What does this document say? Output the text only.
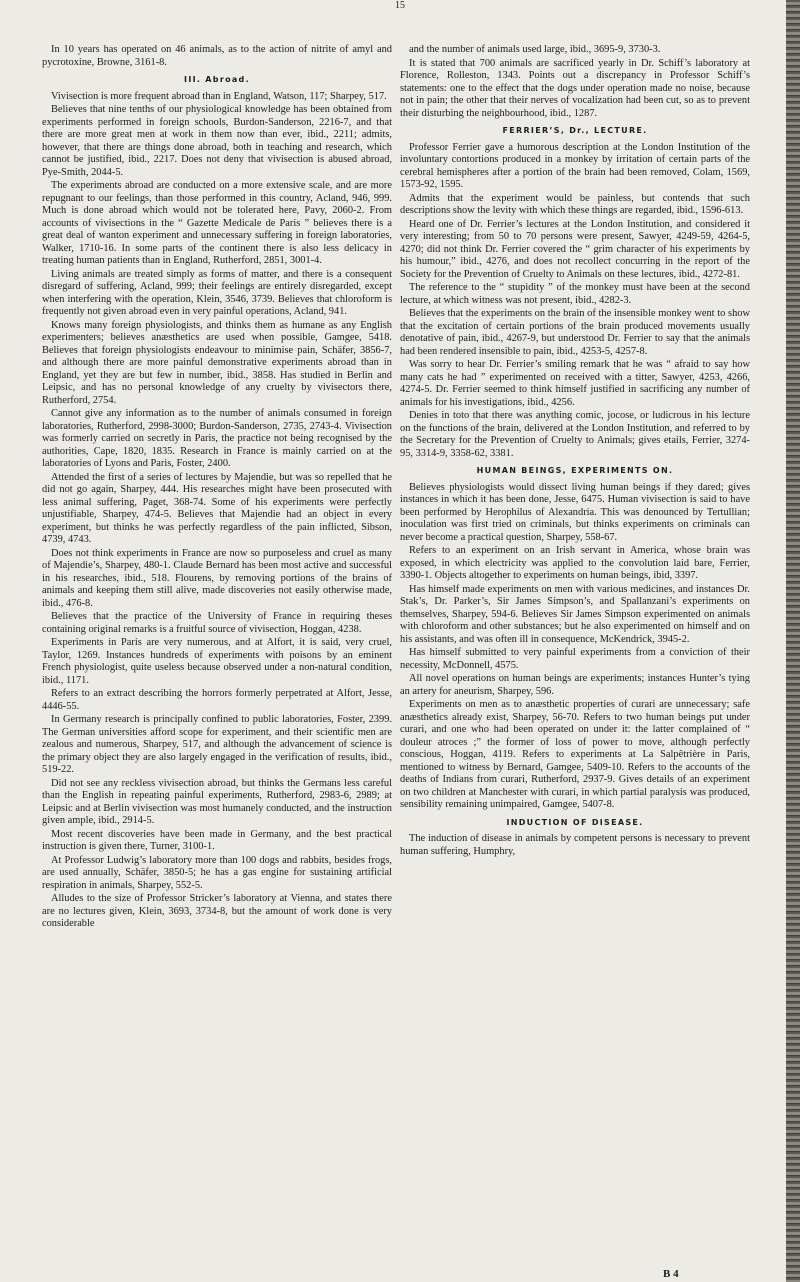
15

In 10 years has operated on 46 animals, as to the action of nitrite of amyl and pycrotoxine, Browne, 3161-8.

III. Abroad.

Vivisection is more frequent abroad than in England, Watson, 117; Sharpey, 517.

Believes that nine tenths of our physiological knowledge has been obtained from experiments performed in foreign schools, Burdon-Sanderson, 2216-7, and that there are more great men at work in them now than ever, ibid., 2211; admits, however, that there are things done abroad, both in teaching and research, which cannot be justified, ibid., 2217. Does not deny that vivisection is abused abroad, Pye-Smith, 2044-5.

The experiments abroad are conducted on a more extensive scale, and are more repugnant to our feelings, than those performed in this country, Acland, 946, 999. Much is done abroad which would not be tolerated here, Pavy, 2060-2. From accounts of vivisections in the “ Gazette Medicale de Paris ” believes there is a great deal of wanton experiment and unnecessary suffering in foreign laboratories, Walker, 1710-16. In some parts of the continent there is also less delicacy in treating human patients than in England, Rutherford, 2851, 3001-4.

Living animals are treated simply as forms of matter, and there is a consequent disregard of suffering, Acland, 999; their feelings are entirely disregarded, except when interfering with the operation, Klein, 3546, 3739. Believes that chloroform is frequently not given abroad even in very painful operations, Acland, 941.

Knows many foreign physiologists, and thinks them as humane as any English experimenters; believes anæsthetics are used when possible, Gamgee, 5418. Believes that foreign physiologists endeavour to minimise pain, Schäfer, 3856-7, and although there are more painful demonstrative experiments abroad than in England, yet they are but few in number, ibid., 3858. Has studied in Berlin and Leipsic, and has no personal knowledge of any cruelty by vivisectors there, Rutherford, 2754.

Cannot give any information as to the number of animals consumed in foreign laboratories, Rutherford, 2998-3000; Burdon-Sanderson, 2735, 2743-4. Vivisection was formerly carried on secretly in Paris, the practice not being recognised by the authorities, Cape, 1820, 1835. Research in France is mainly carried on at the laboratories of Lyons and Paris, Foster, 2400.

Attended the first of a series of lectures by Majendie, but was so repelled that he did not go again, Sharpey, 444. His researches might have been prosecuted with less animal suffering, Paget, 368-74. Some of his experiments were perfectly unjustifiable, Sharpey, 474-5. Believes that Majendie had an object in every experiment, but thinks he was perfectly regardless of the pain inflicted, Sibson, 4739, 4743.

Does not think experiments in France are now so purposeless and cruel as many of Majendie’s, Sharpey, 480-1. Claude Bernard has been most active and successful in his researches, ibid., 518. Flourens, by removing portions of the brains of animals and keeping them still alive, made discoveries not easily otherwise made, ibid., 476-8.

Believes that the practice of the University of France in requiring theses containing original remarks is a fruitful source of vivisection, Hoggan, 4238.

Experiments in Paris are very numerous, and at Alfort, it is said, very cruel, Taylor, 1269. Instances hundreds of experiments with poisons by an eminent French physiologist, quite useless because observed under a non-natural condition, ibid., 1171.

Refers to an extract describing the horrors formerly perpetrated at Alfort, Jesse, 4446-55.

In Germany research is principally confined to public laboratories, Foster, 2399. The German universities afford scope for experiment, and their scientific men are zealous and numerous, Sharpey, 517, and although the advancement of science is the primary object they are also largely engaged in the verification of results, ibid., 519-22.

Did not see any reckless vivisection abroad, but thinks the Germans less careful than the English in repeating painful experiments, Rutherford, 2983-6, 2989; at Leipsic and at Berlin vivisection was most humanely conducted, and the instruction given ample, ibid., 2914-5.

Most recent discoveries have been made in Germany, and the best practical instruction is given there, Turner, 3100-1.

At Professor Ludwig’s laboratory more than 100 dogs and rabbits, besides frogs, are used annually, Schäfer, 3850-5; he has a gas engine for sustaining artificial respiration in animals, Sharpey, 552-5.

Alludes to the size of Professor Stricker’s laboratory at Vienna, and states there are no lectures given, Klein, 3693, 3734-8, but the amount of work done is very considerable

and the number of animals used large, ibid., 3695-9, 3730-3.

It is stated that 700 animals are sacrificed yearly in Dr. Schiff’s laboratory at Florence, Rolleston, 1343. Points out a discrepancy in Professor Schiff’s statements: one to the effect that the dogs under operation made no noise, because not in pain; the other that their nerves of vocalization had been cut, so as to prevent their disturbing the neighbourhood, ibid., 1287.

FERRIER’S, Dr., LECTURE.

Professor Ferrier gave a humorous description at the London Institution of the involuntary contortions produced in a monkey by irritation of certain parts of the cerebral hemispheres after a portion of the brain had been removed, Colam, 1569, 1573-92, 1595.

Admits that the experiment would be painless, but contends that such descriptions show the levity with which these things are regarded, ibid., 1596-613.

Heard one of Dr. Ferrier’s lectures at the London Institution, and considered it very interesting; from 50 to 70 persons were present, Sawyer, 4249-59, 4264-5, 4270; did not think Dr. Ferrier covered the “ grim character of his experiments by his humour,” ibid., 4276, and does not recollect concurring in the report of the Society for the Prevention of Cruelty to Animals on these lectures, ibid., 4272-81.

The reference to the “ stupidity ” of the monkey must have been at the second lecture, at which witness was not present, ibid., 4282-3.

Believes that the experiments on the brain of the insensible monkey went to show that the excitation of certain portions of the brain produced movements usually denotative of pain, ibid., 4267-9, but understood Dr. Ferrier to say that the animals had been rendered insensible to pain, ibid., 4253-5, 4257-8.

Was sorry to hear Dr. Ferrier’s smiling remark that he was “ afraid to say how many cats he had ” experimented on received with a titter, Sawyer, 4253, 4266, 4274-5. Dr. Ferrier seemed to think himself justified in sacrificing any number of animals for his investigations, ibid., 4256.

Denies in toto that there was anything comic, jocose, or ludicrous in his lecture on the functions of the brain, delivered at the London Institution, and referred to by the Secretary for the Prevention of Cruelty to Animals; gives etails, Ferrier, 3274-95, 3314-9, 3358-62, 3381.

HUMAN BEINGS, EXPERIMENTS ON.

Believes physiologists would dissect living human beings if they dared; gives instances in which it has been done, Jesse, 6475. Human vivisection is said to have been performed by Herophilus of Alexandria. This was denounced by Tertullian; inoculation was first tried on criminals, but thinks experiments on criminals can never become a practical question, Sharpey, 558-67.

Refers to an experiment on an Irish servant in America, whose brain was exposed, in which electricity was applied to the convolution laid bare, Ferrier, 3390-1. Objects altogether to experiments on human beings, ibid, 3397.

Has himself made experiments on men with various medicines, and instances Dr. Stak’s, Dr. Parker’s, Sir James Simpson’s, and Spallanzani’s experiments on themselves, Sharpey, 594-6. Believes Sir James Simpson experimented on animals with chloroform and other substances; but he also experimented on himself and on his assistants, and was often ill in consequence, McKendrick, 3945-2.

Has himself submitted to very painful experiments from a conviction of their necessity, McDonnell, 4575.

All novel operations on human beings are experiments; instances Hunter’s tying an artery for aneurism, Sharpey, 596.

Experiments on men as to anæsthetic properties of curari are unnecessary; safe anæsthetics already exist, Sharpey, 56-70. Refers to two human beings put under curari, and one who had been operated on under it: the latter complained of “ douleur atroces ;” the former of loss of power to move, although perfectly conscious, Hoggan, 4119. Refers to experiments at La Salpêtrière in Paris, mentioned to witness by Bernard, Gamgee, 5409-10. Refers to the accounts of the deaths of Indians from curari, Rutherford, 2937-9. Gives details of an experiment on two children at Manchester with curari, in which partial paralysis was produced, sensibility remaining unimpaired, Gamgee, 5407-8.

INDUCTION OF DISEASE.

The induction of disease in animals by competent persons is necessary to prevent human suffering, Humphry,

B 4
